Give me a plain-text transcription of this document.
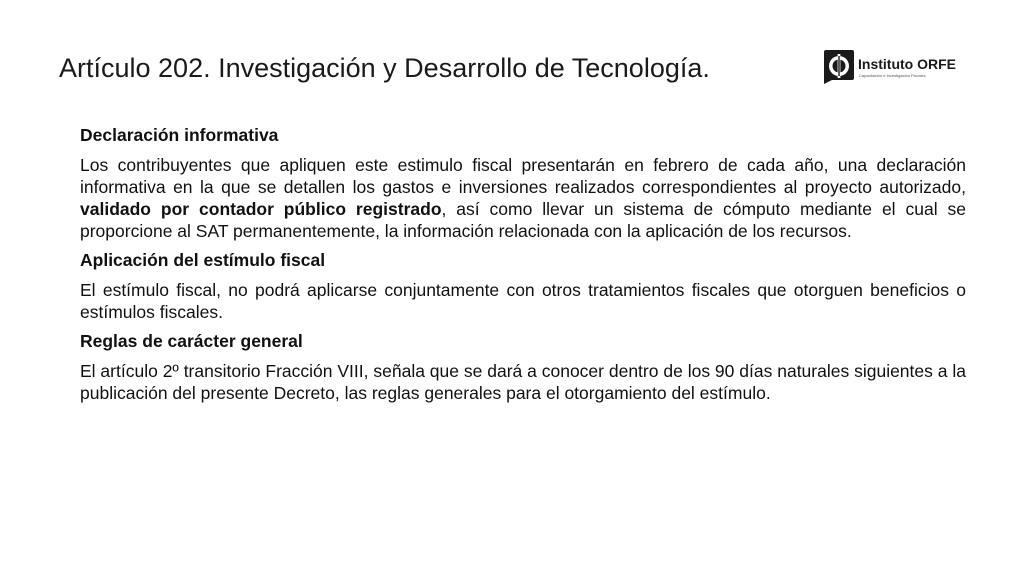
Artículo 202. Investigación y Desarrollo de Tecnología.	Instituto ORFE
Capacitación e Investigación Fiscales

Declaración informativa

Los contribuyentes que apliquen este estimulo fiscal presentarán en febrero de cada año, una declaración informativa en la que se detallen los gastos e inversiones realizados correspondientes al proyecto autorizado, validado por contador público registrado, así como llevar un sistema de cómputo mediante el cual se proporcione al SAT permanentemente, la información relacionada con la aplicación de los recursos.

Aplicación del estímulo fiscal

El estímulo fiscal, no podrá aplicarse conjuntamente con otros tratamientos fiscales que otorguen beneficios o estímulos fiscales.

Reglas de carácter general

El artículo 2º transitorio Fracción VIII, señala que se dará a conocer dentro de los 90 días naturales siguientes a la publicación del presente Decreto, las reglas generales para el otorgamiento del estímulo.
